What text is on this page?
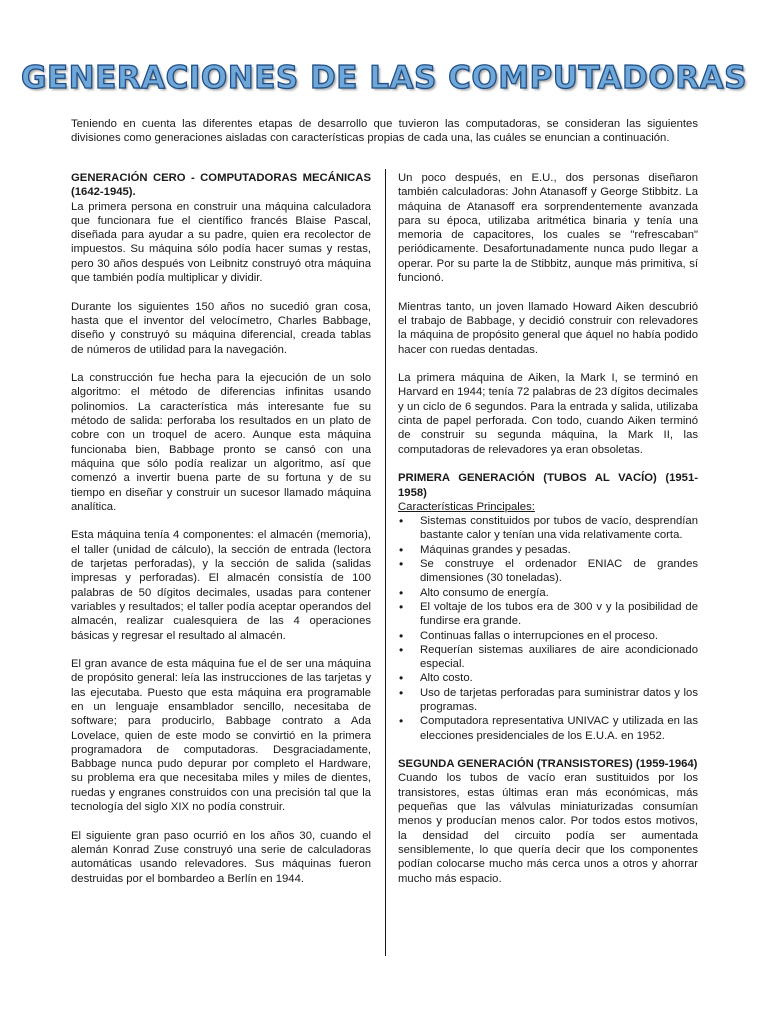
GENERACIONES DE LAS COMPUTADORAS

Teniendo en cuenta las diferentes etapas de desarrollo que tuvieron las computadoras, se consideran las siguientes divisiones como generaciones aisladas con características propias de cada una, las cuáles se enuncian a continuación.

GENERACIÓN CERO - COMPUTADORAS MECÁNICAS (1642-1945).

La primera persona en construir una máquina calculadora que funcionara fue el científico francés Blaise Pascal, diseñada para ayudar a su padre, quien era recolector de impuestos. Su máquina sólo podía hacer sumas y restas, pero 30 años después von Leibnitz construyó otra máquina que también podía multiplicar y dividir.

Durante los siguientes 150 años no sucedió gran cosa, hasta que el inventor del velocímetro, Charles Babbage, diseño y construyó su máquina diferencial, creada tablas de números de utilidad para la navegación.

La construcción fue hecha para la ejecución de un solo algoritmo: el método de diferencias infinitas usando polinomios. La característica más interesante fue su método de salida: perforaba los resultados en un plato de cobre con un troquel de acero. Aunque esta máquina funcionaba bien, Babbage pronto se cansó con una máquina que sólo podía realizar un algoritmo, así que comenzó a invertir buena parte de su fortuna y de su tiempo en diseñar y construir un sucesor llamado máquina analítica.

Esta máquina tenía 4 componentes: el almacén (memoria), el taller (unidad de cálculo), la sección de entrada (lectora de tarjetas perforadas), y la sección de salida (salidas impresas y perforadas). El almacén consistía de 100 palabras de 50 dígitos decimales, usadas para contener variables y resultados; el taller podía aceptar operandos del almacén, realizar cualesquiera de las 4 operaciones básicas y regresar el resultado al almacén.

El gran avance de esta máquina fue el de ser una máquina de propósito general: leía las instrucciones de las tarjetas y las ejecutaba. Puesto que esta máquina era programable en un lenguaje ensamblador sencillo, necesitaba de software; para producirlo, Babbage contrato a Ada Lovelace, quien de este modo se convirtió en la primera programadora de computadoras. Desgraciadamente, Babbage nunca pudo depurar por completo el Hardware, su problema era que necesitaba miles y miles de dientes, ruedas y engranes construidos con una precisión tal que la tecnología del siglo XIX no podía construir.

El siguiente gran paso ocurrió en los años 30, cuando el alemán Konrad Zuse construyó una serie de calculadoras automáticas usando relevadores. Sus máquinas fueron destruidas por el bombardeo a Berlín en 1944.

Un poco después, en E.U., dos personas diseñaron también calculadoras: John Atanasoff y George Stibbitz. La máquina de Atanasoff era sorprendentemente avanzada para su época, utilizaba aritmética binaria y tenía una memoria de capacitores, los cuales se "refrescaban" periódicamente. Desafortunadamente nunca pudo llegar a operar. Por su parte la de Stibbitz, aunque más primitiva, sí funcionó.

Mientras tanto, un joven llamado Howard Aiken descubrió el trabajo de Babbage, y decidió construir con relevadores la máquina de propósito general que áquel no había podido hacer con ruedas dentadas.

La primera máquina de Aiken, la Mark I, se terminó en Harvard en 1944; tenía 72 palabras de 23 dígitos decimales y un ciclo de 6 segundos. Para la entrada y salida, utilizaba cinta de papel perforada. Con todo, cuando Aiken terminó de construir su segunda máquina, la Mark II, las computadoras de relevadores ya eran obsoletas.

PRIMERA GENERACIÓN (TUBOS AL VACÍO) (1951-1958)

Características Principales:

• Sistemas constituidos por tubos de vacío, desprendían bastante calor y tenían una vida relativamente corta.
• Máquinas grandes y pesadas.
• Se construye el ordenador ENIAC de grandes dimensiones (30 toneladas).
• Alto consumo de energía.
• El voltaje de los tubos era de 300 v y la posibilidad de fundirse era grande.
• Continuas fallas o interrupciones en el proceso.
• Requerían sistemas auxiliares de aire acondicionado especial.
• Alto costo.
• Uso de tarjetas perforadas para suministrar datos y los programas.
• Computadora representativa UNIVAC y utilizada en las elecciones presidenciales de los E.U.A. en 1952.

SEGUNDA GENERACIÓN (TRANSISTORES) (1959-1964)

Cuando los tubos de vacío eran sustituidos por los transistores, estas últimas eran más económicas, más pequeñas que las válvulas miniaturizadas consumían menos y producían menos calor. Por todos estos motivos, la densidad del circuito podía ser aumentada sensiblemente, lo que quería decir que los componentes podían colocarse mucho más cerca unos a otros y ahorrar mucho más espacio.
